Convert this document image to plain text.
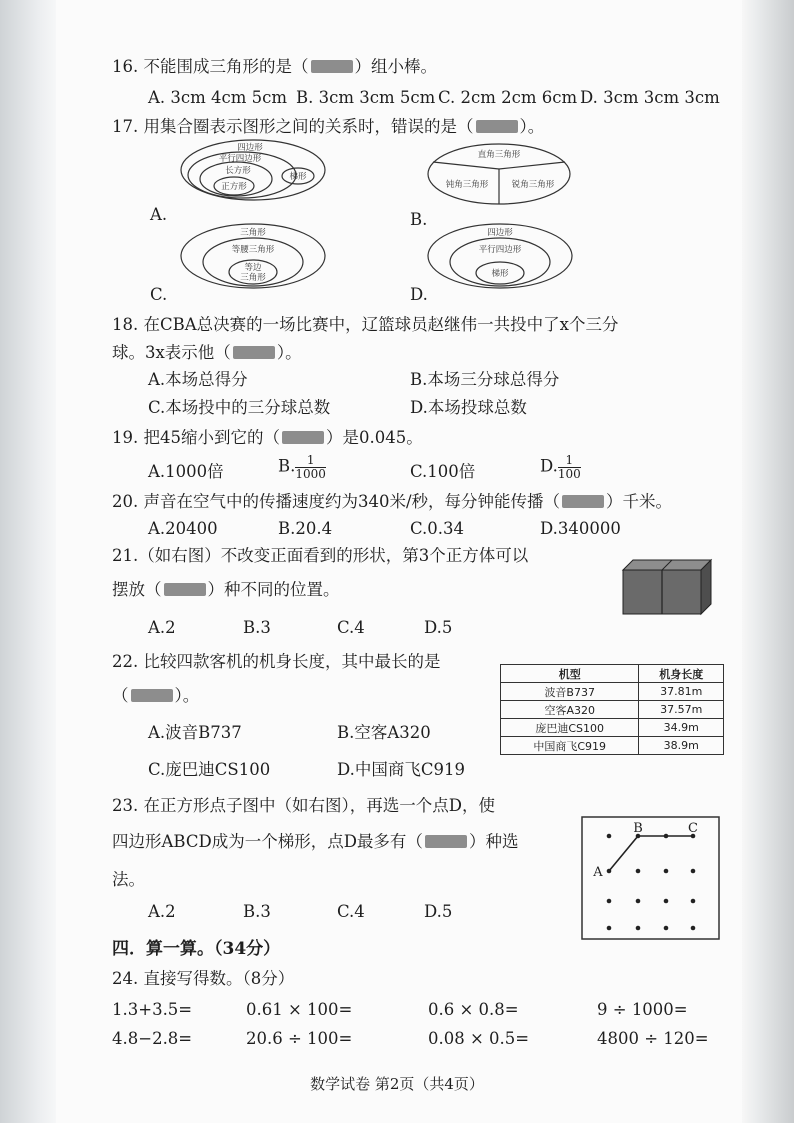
16. 不能围成三角形的是（	）组小棒。
A. 3cm 4cm 5cm B. 3cm 3cm 5cm C. 2cm 2cm 6cm D. 3cm 3cm 3cm
17. 用集合圈表示图形之间的关系时，错误的是（	）。
四边形
平行四边形
长方形
正方形
梯形
A.
直角三角形
钝角三角形	锐角三角形
B.
三角形
等腰三角形
等边
三角形
C.
四边形
平行四边形
梯形
D.
18. 在CBA总决赛的一场比赛中，辽篮球员赵继伟一共投中了x个三分
球。3x表示他（	）。
A.本场总得分	B.本场三分球总得分
C.本场投中的三分球总数	D.本场投球总数
19. 把45缩小到它的（	）是0.045。
A.1000倍	B. $\frac{1}{1000}$	C.100倍	D. $\frac{1}{100}$
20. 声音在空气中的传播速度约为340米/秒，每分钟能传播（	）千米。
A.20400	B.20.4	C.0.34	D.340000
21.（如右图）不改变正面看到的形状，第3个正方体可以
摆放（	）种不同的位置。
A.2	B.3	C.4	D.5
22. 比较四款客机的机身长度，其中最长的是
（	）。
机型	机身长度
波音B737	37.81m
空客A320	37.57m
庞巴迪CS100	34.9m
中国商飞C919	38.9m
A.波音B737	B.空客A320
C.庞巴迪CS100	D.中国商飞C919
23. 在正方形点子图中（如右图），再选一个点D，使
四边形ABCD成为一个梯形，点D最多有（	）种选
法。	A
B	C
A.2	B.3	C.4	D.5
四．算一算。（34分）
24. 直接写得数。（8分）
1.3+3.5=	0.61 × 100=	0.6 × 0.8=	9 ÷ 1000=
4.8−2.8=	20.6 ÷ 100=	0.08 × 0.5=	4800 ÷ 120=
数学试卷 第2页（共4页）
